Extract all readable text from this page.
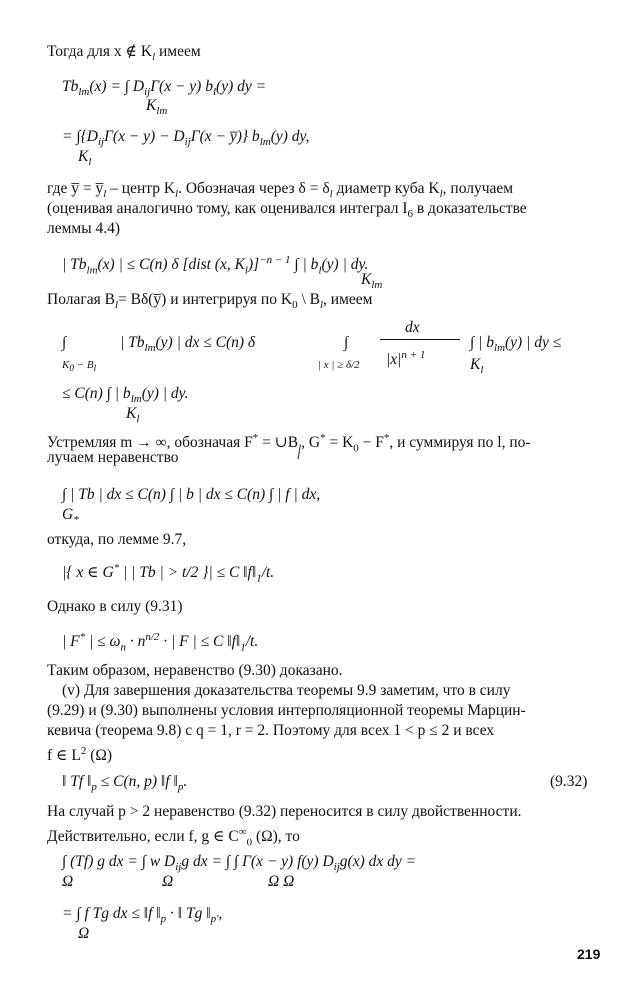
Тогда для x ∉ $K_l$ имеем
$Tb_{lm}(x)$ = ∫ $D_{ij}\Gamma(x - y)$ $b_l(y)$ dy =
$K_{lm}$
= $\int\{D_{ij}\Gamma(x - y) - D_{ij}\Gamma(x$ − y̅)} $b_{lm}(y)$ dy,
$K_l$
где y̅ = $y̅_l$ – центр $K_l$. Обозначая через $\delta = \delta_l$ диаметр куба $K_l$, получаем
(оценивая аналогично тому, как оценивался интеграл $I_6$ в доказательстве
леммы 4.4)
| $Tb_{lm}(x)$ | ≤ C(n) δ [dist (x, $K_l)]^{-n - 1}$ ∫ | $b_l(y)$ | dy.
$K_{lm}$
Полагая $B_l=$ Bδ(y̅) и интегрируя по $K_0$ \ $B_l$, имеем
∫	| $Tb_{lm}(y)$ | dx ≤ C(n) δ	∫
dx
$|x|^{n + 1}$
∫ | $b_{lm}(y)$ | dy ≤
$K_0 - B_l$	| x | ≥ δ/2	$K_l$
≤ C(n) ∫ | $b_{lm}(y)$ | dy.
$K_l$
Устремляя m → ∞, обозначая $F^* = \cup B_l$, $G^* = K_0 - F^*$, и суммируя по l, по-
лучаем неравенство	l
∫ | Tb | dx ≤ C(n) ∫ | b | dx ≤ C(n) ∫ | f | dx,
$G_*$
откуда, по лемме 9.7,
|{ x ∈ G* | | Tb | > t/2 }| ≤ C $‖f‖_1/t$.
Однако в силу (9.31)
| F* | ≤ $\omega_n \cdot n^{n/2}$ · | F | ≤ C $‖f‖_1/t$.
Таким образом, неравенство (9.30) доказано.
(v) Для завершения доказательства теоремы 9.9 заметим, что в силу
(9.29) и (9.30) выполнены условия интерполяционной теоремы Марцин-
кевича (теорема 9.8) с q = 1, r = 2. Поэтому для всех 1 < p ≤ 2 и всех
f ∈ $L^2$ (Ω)
‖ Tf $‖_p \le C(n$, p) ‖f $‖_p$.	(9.32)
На случай p > 2 неравенство (9.32) переносится в силу двойственности.
Действительно, если f, g ∈ $C^\infty_0$ (Ω), то
∫ (Tf) g dx = ∫ w $D_{ij}g$ dx = ∫ ∫ Γ(x − y) f(y) $D_{ij}g(x)$ dx dy =
Ω	Ω	Ω Ω
= ∫ f Tg dx ≤ ‖f $‖_p$ · ‖ Tg $‖_{p'}$,
Ω
219
